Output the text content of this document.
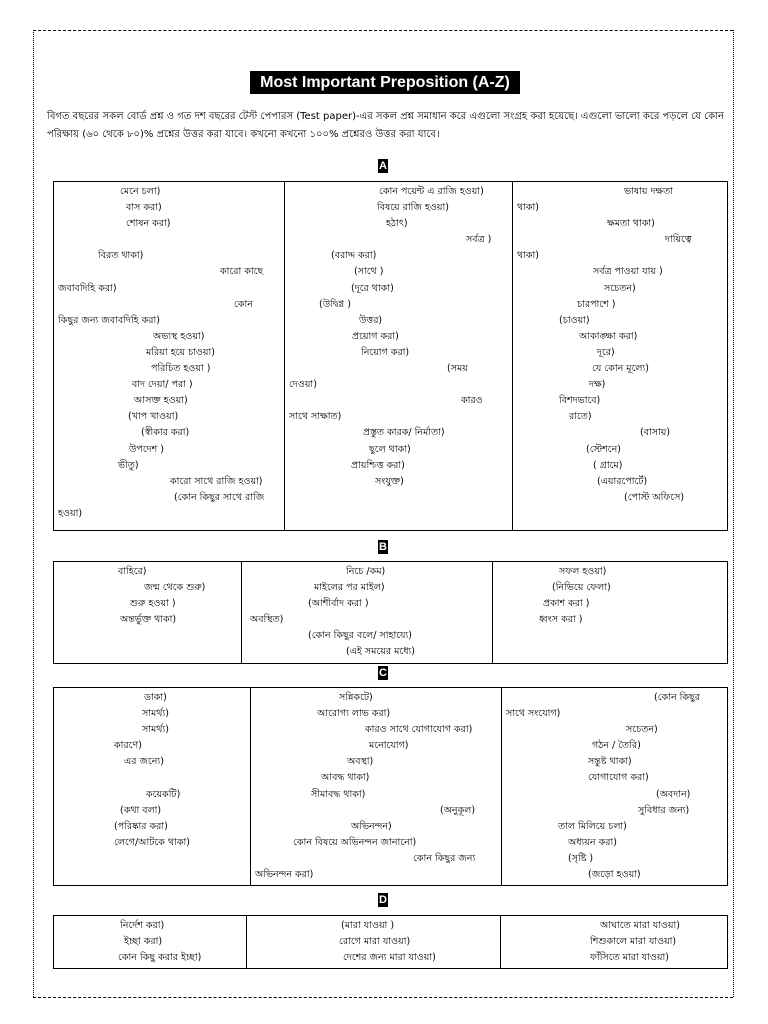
Most Important Preposition (A-Z)
বিগত বছরের সকল বোর্ড প্রশ্ন ও গত দশ বছরের টেস্ট পেপারস (Test paper)-এর সকল প্রশ্ন সমাধান করে এগুলো সংগ্রহ করা হয়েছে। এগুলো ভালো করে পড়লে যে কোন পরিক্ষায় (৬০ থেকে ৮০)% প্রশ্নের উত্তর করা যাবে। কখনো কখনো ১০০% প্রশ্নেরও উত্তর করা যাবে।
A
মেনে চলা)
বাস করা)
শোষন করা)

বিরত থাকা)
কারো কাছে
জবাবদিহি করা)
কোন
কিছুর জন্য জবাবদিহি করা)
অভ্যস্থ হওয়া)
মরিয়া হয়ে চাওয়া)
পরিচিত হওয়া )
বাদ দেয়া/ পরা )
আসক্ত হওয়া)
(খাপ খাওয়া)
(স্বীকার করা)
উপদেশ )
ভীতু)
কারো সাথে রাজি হওয়া)
(কোন কিছুর সাথে রাজি
হওয়া)

কোন পয়েন্ট এ রাজি হওয়া)
বিষয়ে রাজি হওয়া)
হঠাৎ)
সর্বত্র )
(বরাদ্দ করা)
(সাথে )
(দূরে থাকা)
(উদ্বিগ্ন )
উত্তর)
প্রয়োগ করা)
নিয়োগ করা)
(সময়
দেওয়া)
কারও
সাথে সাক্ষাত)
প্রস্তুত কারক/ নির্মাতা)
ছুলে থাকা)
প্রায়শ্চিত্ত করা)
সংযুক্ত)

ভাষায় দক্ষতা
থাকা)
ক্ষমতা থাকা)
দায়িত্বে
থাকা)
সর্বত্র পাওয়া যায় )
সচেতন)
চারপাশে )
(চাওয়া)
আকাঙ্ক্ষা করা)
দূরে)
যে কোন মূল্যে)
দক্ষ)
বিশদভাবে)
রাতে)
(বাসায়)
(স্টেশনে)
( গ্রামে)
(এয়ারপোর্টে)
(পোস্ট অফিসে)
B
বাহিরে)
জন্ম থেকে শুরু)
শুরু হওয়া )
অন্তর্ভুক্ত থাকা)

নিচে /কম)
মাইলের পর মাইল)
(আশীর্বাদ করা )
অবস্থিত)
(কোন কিছুর বলে/ সাহায্যে)
(এই সময়ের মধ্যে)

সফল হওয়া)
(নিভিয়ে ফেলা)
প্রকাশ করা )
ধ্বংস করা )
C
ডাকা)
সামর্থ্য)
সামর্থ্য)
কারণে)
এর জন্যে)

কয়েকটি)
(কথা বলা)
(পরিষ্কার করা)
লেগে/আটকে থাকা)

সন্নিকটে)
আরোগ্য লাভ করা)
কারও সাথে যোগাযোগ করা)
মনোযোগ)
অবস্থা)
আবদ্ধ থাকা)
সীমাবদ্ধ থাকা)
(অনুকূল)
অভিনন্দন)
কোন বিষয়ে অভিনন্দন জানানো)
কোন কিছুর জন্য
অভিনন্দন করা)

(কোন কিছুর
সাথে সংযোগ)
সচেতন)
গঠন / তৈরি)
সন্তুষ্ট থাকা)
যোগাযোগ করা)
(অবদান)
সুবিধার জন্য)
তাল মিলিয়ে চলা)
অধ্যয়ন করা)
(সৃষ্টি )
(জড়ো হওয়া)
D
নির্দেশ করা)
ইচ্ছা করা)
কোন কিছু করার ইচ্ছা)

(মারা যাওয়া )
রোগে মারা যাওয়া)
দেশের জন্য মারা যাওয়া)

আঘাতে মারা যাওয়া)
শিশুকালে মারা যাওয়া)
ফাঁসিতে মারা যাওয়া)
